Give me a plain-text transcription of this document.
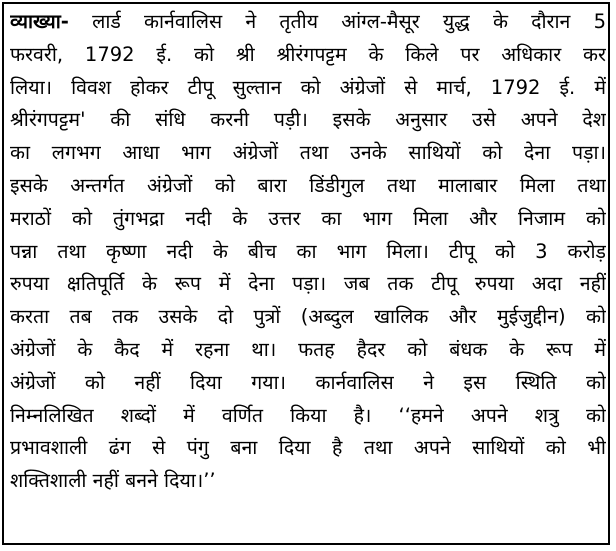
व्याख्या- लार्ड कार्नवालिस ने तृतीय आंग्ल-मैसूर युद्ध के दौरान 5
फरवरी, 1792 ई. को श्री श्रीरंगपट्टम के किले पर अधिकार कर
लिया। विवश होकर टीपू सुल्तान को अंग्रेजों से मार्च, 1792 ई. में
श्रीरंगपट्टम' की संधि करनी पड़ी। इसके अनुसार उसे अपने देश
का लगभग आधा भाग अंग्रेजों तथा उनके साथियों को देना पड़ा।
इसके अन्तर्गत अंग्रेजों को बारा डिंडीगुल तथा मालाबार मिला तथा
मराठों को तुंगभद्रा नदी के उत्तर का भाग मिला और निजाम को
पन्ना तथा कृष्णा नदी के बीच का भाग मिला। टीपू को 3 करोड़
रुपया क्षतिपूर्ति के रूप में देना पड़ा। जब तक टीपू रुपया अदा नहीं
करता तब तक उसके दो पुत्रों (अब्दुल खालिक और मुईजुद्दीन) को
अंग्रेजों के कैद में रहना था। फतह हैदर को बंधक के रूप में
अंग्रेजों को नहीं दिया गया। कार्नवालिस ने इस स्थिति को
निम्नलिखित शब्दों में वर्णित किया है। ‘‘हमने अपने शत्रु को
प्रभावशाली ढंग से पंगु बना दिया है तथा अपने साथियों को भी
शक्तिशाली नहीं बनने दिया।’’
